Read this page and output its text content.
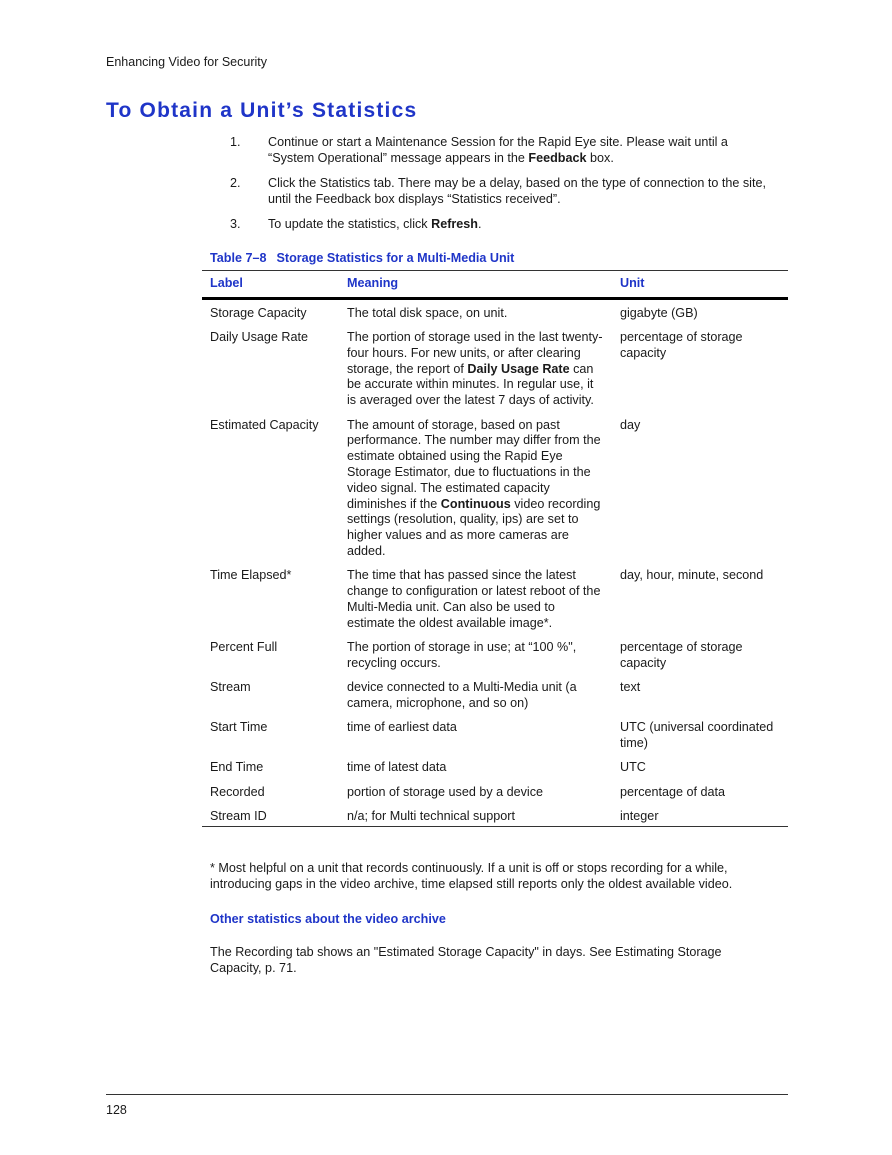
Enhancing Video for Security
To Obtain a Unit’s Statistics
1. Continue or start a Maintenance Session for the Rapid Eye site. Please wait until a “System Operational” message appears in the Feedback box.
2. Click the Statistics tab. There may be a delay, based on the type of connection to the site, until the Feedback box displays “Statistics received”.
3. To update the statistics, click Refresh.
Table 7–8 Storage Statistics for a Multi-Media Unit
Label	Meaning	Unit
Storage Capacity	The total disk space, on unit.	gigabyte (GB)
Daily Usage Rate	The portion of storage used in the last twenty-four hours. For new units, or after clearing storage, the report of Daily Usage Rate can be accurate within minutes. In regular use, it is averaged over the latest 7 days of activity.	percentage of storage capacity
Estimated Capacity	The amount of storage, based on past performance. The number may differ from the estimate obtained using the Rapid Eye Storage Estimator, due to fluctuations in the video signal. The estimated capacity diminishes if the Continuous video recording settings (resolution, quality, ips) are set to higher values and as more cameras are added.	day
Time Elapsed*	The time that has passed since the latest change to configuration or latest reboot of the Multi-Media unit. Can also be used to estimate the oldest available image*.	day, hour, minute, second
Percent Full	The portion of storage in use; at “100 %", recycling occurs.	percentage of storage capacity
Stream	device connected to a Multi-Media unit (a camera, microphone, and so on)	text
Start Time	time of earliest data	UTC (universal coordinated time)
End Time	time of latest data	UTC
Recorded	portion of storage used by a device	percentage of data
Stream ID	n/a; for Multi technical support	integer

* Most helpful on a unit that records continuously. If a unit is off or stops recording for a while, introducing gaps in the video archive, time elapsed still reports only the oldest available video.

Other statistics about the video archive

The Recording tab shows an "Estimated Storage Capacity" in days. See Estimating Storage Capacity, p. 71.

128
